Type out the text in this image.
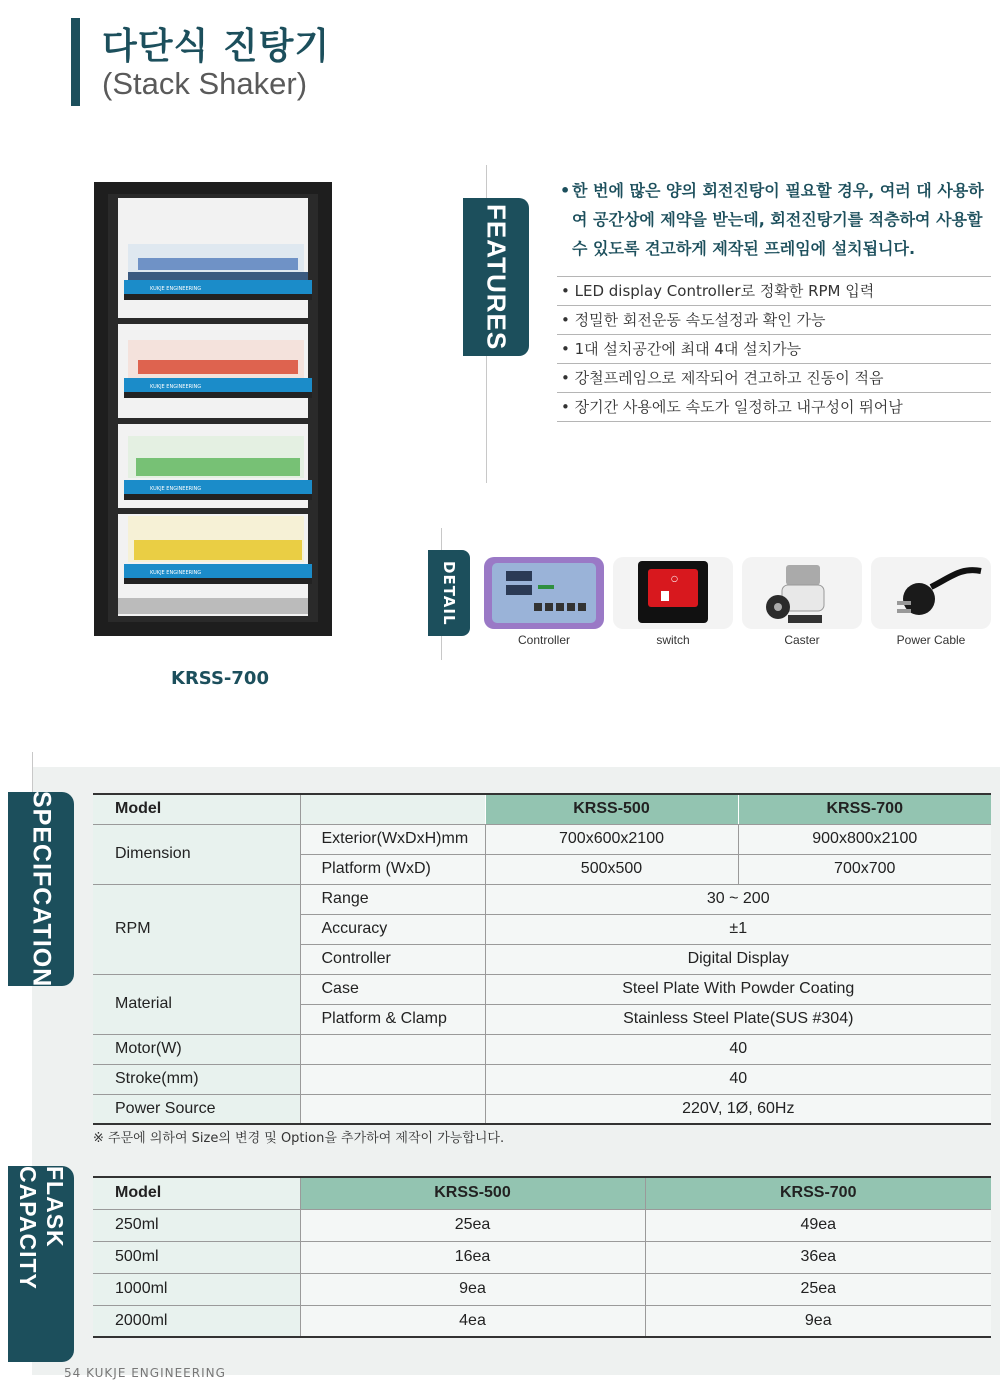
다단식 진탕기
(Stack Shaker)
KUKJE ENGINEERING
KUKJE ENGINEERING
KUKJE ENGINEERING
KUKJE ENGINEERING
KRSS-700
FEATURES
• 한 번에 많은 양의 회전진탕이 필요할 경우, 여러 대 사용하여 공간상에 제약을 받는데, 회전진탕기를 적층하여 사용할 수 있도록 견고하게 제작된 프레임에 설치됩니다.

• LED display Controller로 정확한 RPM 입력
• 정밀한 회전운동 속도설정과 확인 가능
• 1대 설치공간에 최대 4대 설치가능
• 강철프레임으로 제작되어 견고하고 진동이 적음
• 장기간 사용에도 속도가 일정하고 내구성이 뛰어남
DETAIL	○
Controller	switch	Caster	Power Cable
SPECIFCATION	Model		KRSS-500	KRSS-700
Dimension	Exterior(WxDxH)mm	700x600x2100	900x800x2100
	Platform (WxD)	500x500	700x700
RPM	Range	30 ~ 200	
	Accuracy	±1	
	Controller	Digital Display	
Material	Case	Steel Plate With Powder Coating	
	Platform & Clamp	Stainless Steel Plate(SUS #304)	
Motor(W)		40	
Stroke(mm)		40	
Power Source		220V, 1Ø, 60Hz	
※ 주문에 의하여 Size의 변경 및 Option을 추가하여 제작이 가능합니다.
FLASK CAPACITY	Model	KRSS-500	KRSS-700
250ml	25ea	49ea
500ml	16ea	36ea
1000ml	9ea	25ea
2000ml	4ea	9ea
54 KUKJE ENGINEERING
